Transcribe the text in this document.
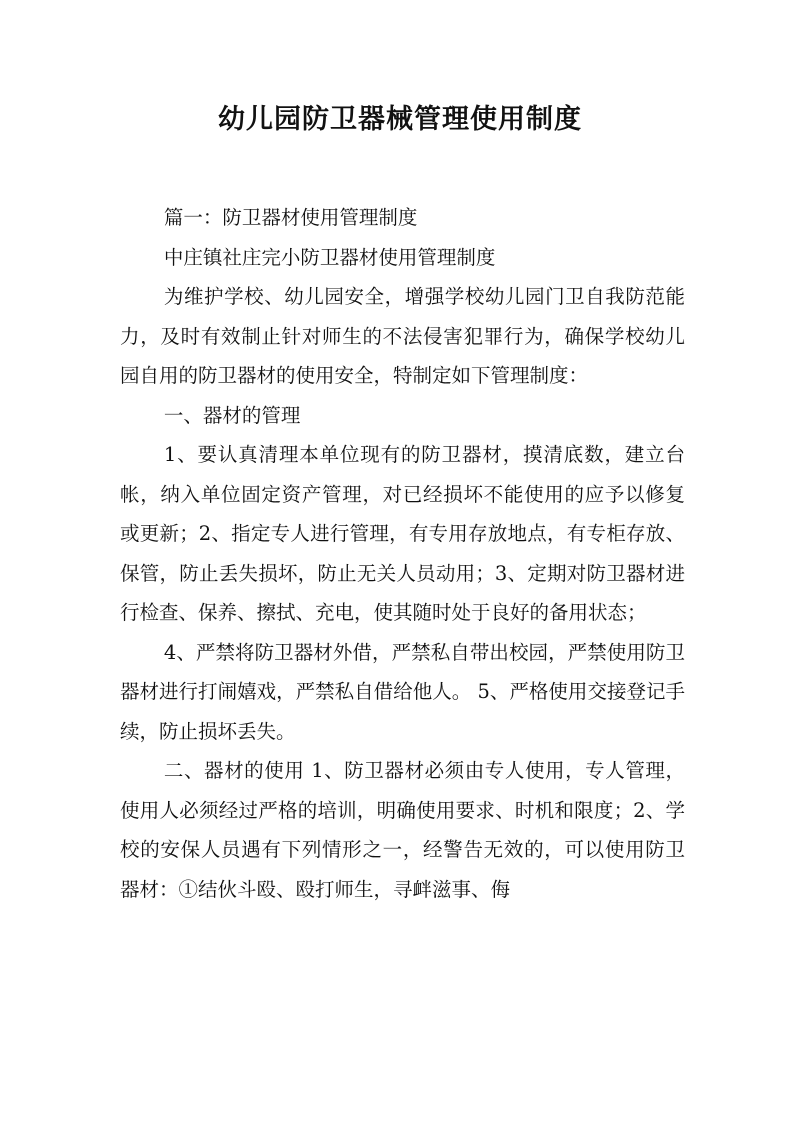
幼儿园防卫器械管理使用制度

篇一：防卫器材使用管理制度

中庄镇社庄完小防卫器材使用管理制度

为维护学校、幼儿园安全，增强学校幼儿园门卫自我防范能力，及时有效制止针对师生的不法侵害犯罪行为，确保学校幼儿园自用的防卫器材的使用安全，特制定如下管理制度：

一、器材的管理

1、要认真清理本单位现有的防卫器材，摸清底数，建立台帐，纳入单位固定资产管理，对已经损坏不能使用的应予以修复或更新；2、指定专人进行管理，有专用存放地点，有专柜存放、保管，防止丢失损坏，防止无关人员动用；3、定期对防卫器材进行检查、保养、擦拭、充电，使其随时处于良好的备用状态；

4、严禁将防卫器材外借，严禁私自带出校园，严禁使用防卫器材进行打闹嬉戏，严禁私自借给他人。 5、严格使用交接登记手续，防止损坏丢失。

二、器材的使用 1、防卫器材必须由专人使用，专人管理，使用人必须经过严格的培训，明确使用要求、时机和限度；2、学校的安保人员遇有下列情形之一，经警告无效的，可以使用防卫器材：①结伙斗殴、殴打师生，寻衅滋事、侮
